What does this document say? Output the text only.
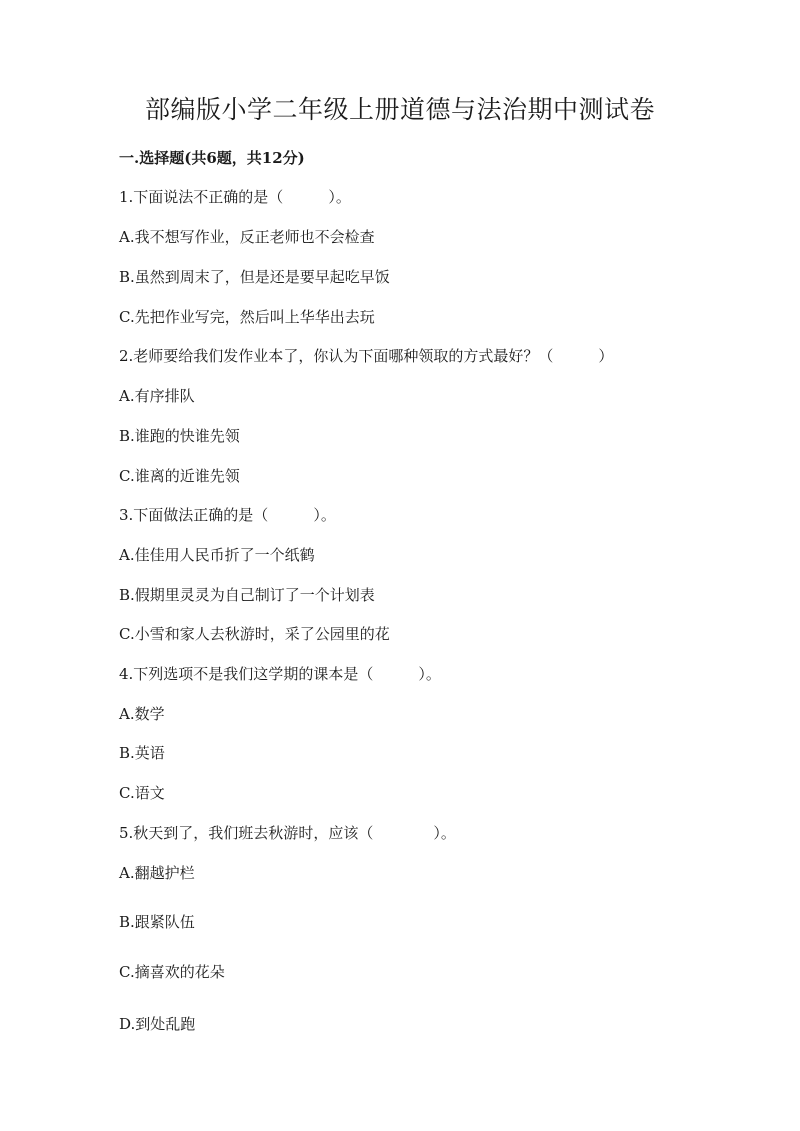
部编版小学二年级上册道德与法治期中测试卷
一.选择题(共6题，共12分)

1.下面说法不正确的是（　　　）。

A.我不想写作业，反正老师也不会检查

B.虽然到周末了，但是还是要早起吃早饭

C.先把作业写完，然后叫上华华出去玩

2.老师要给我们发作业本了，你认为下面哪种领取的方式最好？（　　　）

A.有序排队

B.谁跑的快谁先领

C.谁离的近谁先领

3.下面做法正确的是（　　　）。

A.佳佳用人民币折了一个纸鹤

B.假期里灵灵为自己制订了一个计划表

C.小雪和家人去秋游时，采了公园里的花

4.下列选项不是我们这学期的课本是（　　　）。

A.数学

B.英语

C.语文

5.秋天到了，我们班去秋游时，应该（　　　　）。

A.翻越护栏

B.跟紧队伍

C.摘喜欢的花朵

D.到处乱跑
